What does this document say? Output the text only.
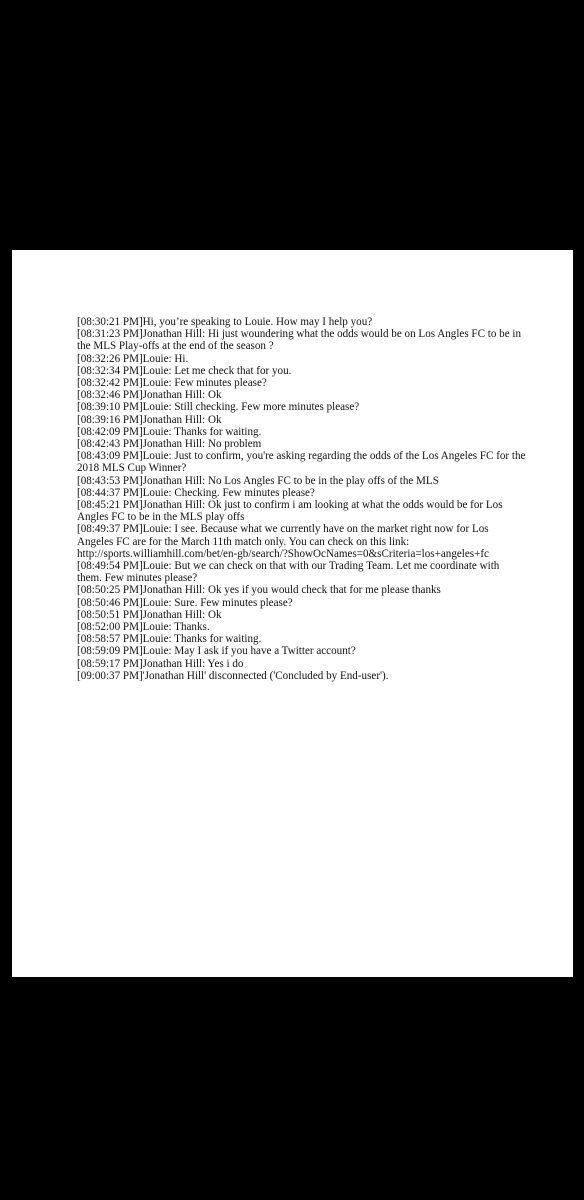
[08:30:21 PM]Hi, you’re speaking to Louie. How may I help you?
[08:31:23 PM]Jonathan Hill: Hi just woundering what the odds would be on Los Angles FC to be in the MLS Play-offs at the end of the season ?
[08:32:26 PM]Louie: Hi.
[08:32:34 PM]Louie: Let me check that for you.
[08:32:42 PM]Louie: Few minutes please?
[08:32:46 PM]Jonathan Hill: Ok
[08:39:10 PM]Louie: Still checking. Few more minutes please?
[08:39:16 PM]Jonathan Hill: Ok
[08:42:09 PM]Louie: Thanks for waiting.
[08:42:43 PM]Jonathan Hill: No problem
[08:43:09 PM]Louie: Just to confirm, you're asking regarding the odds of the Los Angeles FC for the 2018 MLS Cup Winner?
[08:43:53 PM]Jonathan Hill: No Los Angles FC to be in the play offs of the MLS
[08:44:37 PM]Louie: Checking. Few minutes please?
[08:45:21 PM]Jonathan Hill: Ok just to confirm i am looking at what the odds would be for Los Angles FC to be in the MLS play offs
[08:49:37 PM]Louie: I see. Because what we currently have on the market right now for Los Angeles FC are for the March 11th match only. You can check on this link: http://sports.williamhill.com/bet/en-gb/search/?ShowOcNames=0&sCriteria=los+angeles+fc
[08:49:54 PM]Louie: But we can check on that with our Trading Team. Let me coordinate with them. Few minutes please?
[08:50:25 PM]Jonathan Hill: Ok yes if you would check that for me please thanks
[08:50:46 PM]Louie: Sure. Few minutes please?
[08:50:51 PM]Jonathan Hill: Ok
[08:52:00 PM]Louie: Thanks.
[08:58:57 PM]Louie: Thanks for waiting.
[08:59:09 PM]Louie: May I ask if you have a Twitter account?
[08:59:17 PM]Jonathan Hill: Yes i do
[09:00:37 PM]'Jonathan Hill' disconnected ('Concluded by End-user').
